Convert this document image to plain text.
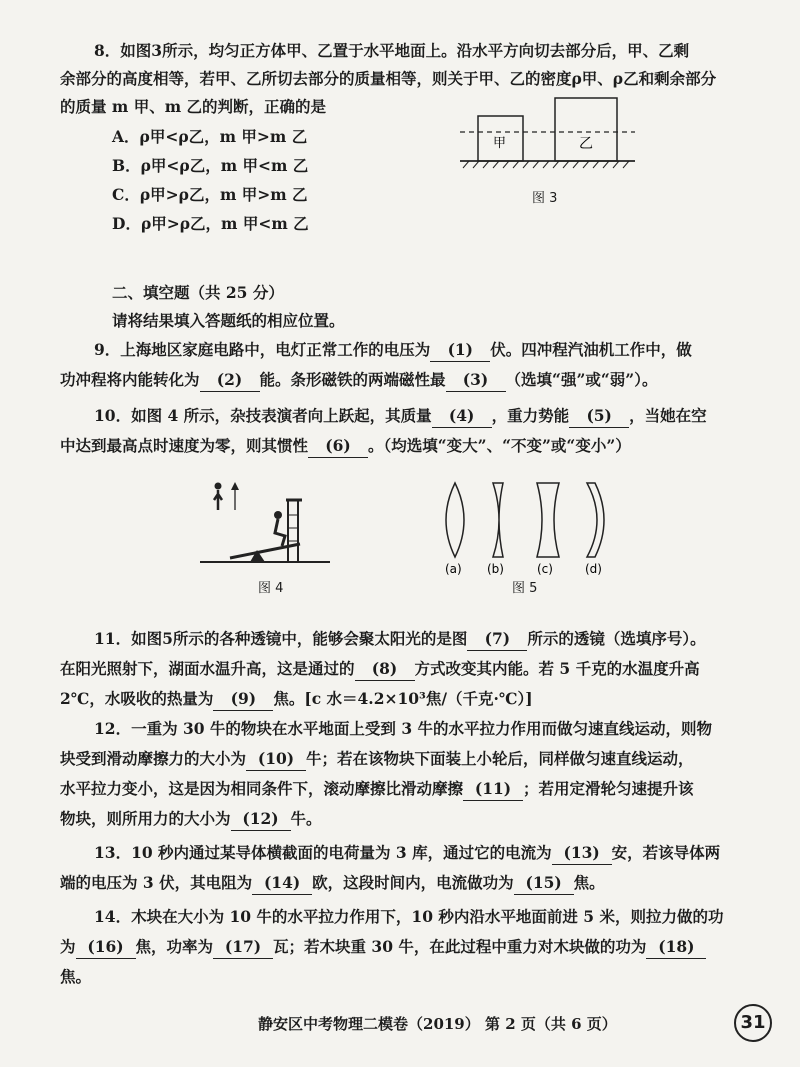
8．如图3所示，均匀正方体甲、乙置于水平地面上。沿水平方向切去部分后，甲、乙剩
余部分的高度相等，若甲、乙所切去部分的质量相等，则关于甲、乙的密度ρ甲、ρ乙和剩余部分
的质量 m 甲、m 乙的判断，正确的是
A．ρ甲<ρ乙，m 甲>m 乙
B．ρ甲<ρ乙，m 甲<m 乙
C．ρ甲>ρ乙，m 甲>m 乙
D．ρ甲>ρ乙，m 甲<m 乙
甲	乙
图 3
二、填空题（共 25 分）
请将结果填入答题纸的相应位置。
9．上海地区家庭电路中，电灯正常工作的电压为 (1) 伏。四冲程汽油机工作中，做
功冲程将内能转化为 (2) 能。条形磁铁的两端磁性最 (3) （选填“强”或“弱”）。
10．如图 4 所示，杂技表演者向上跃起，其质量 (4) ，重力势能 (5) ，当她在空
中达到最高点时速度为零，则其惯性 (6) 。（均选填“变大”、“不变”或“变小”）
图 4
(a) (b)	(c)	(d)
图 5
11．如图5所示的各种透镜中，能够会聚太阳光的是图 (7) 所示的透镜（选填序号）。
在阳光照射下，湖面水温升高，这是通过的 (8) 方式改变其内能。若 5 千克的水温度升高
2℃，水吸收的热量为 (9) 焦。[c 水＝4.2×10³焦/（千克·℃）]
12．一重为 30 牛的物块在水平地面上受到 3 牛的水平拉力作用而做匀速直线运动，则物
块受到滑动摩擦力的大小为 (10) 牛；若在该物块下面装上小轮后，同样做匀速直线运动，
水平拉力变小，这是因为相同条件下，滚动摩擦比滑动摩擦 (11) ；若用定滑轮匀速提升该
物块，则所用力的大小为 (12) 牛。
13．10 秒内通过某导体横截面的电荷量为 3 库，通过它的电流为 (13) 安，若该导体两
端的电压为 3 伏，其电阻为 (14) 欧，这段时间内，电流做功为 (15) 焦。
14．木块在大小为 10 牛的水平拉力作用下，10 秒内沿水平地面前进 5 米，则拉力做的功
为 (16) 焦，功率为 (17) 瓦；若木块重 30 牛，在此过程中重力对木块做的功为 (18)
焦。
静安区中考物理二模卷（2019） 第 2 页（共 6 页）	31
